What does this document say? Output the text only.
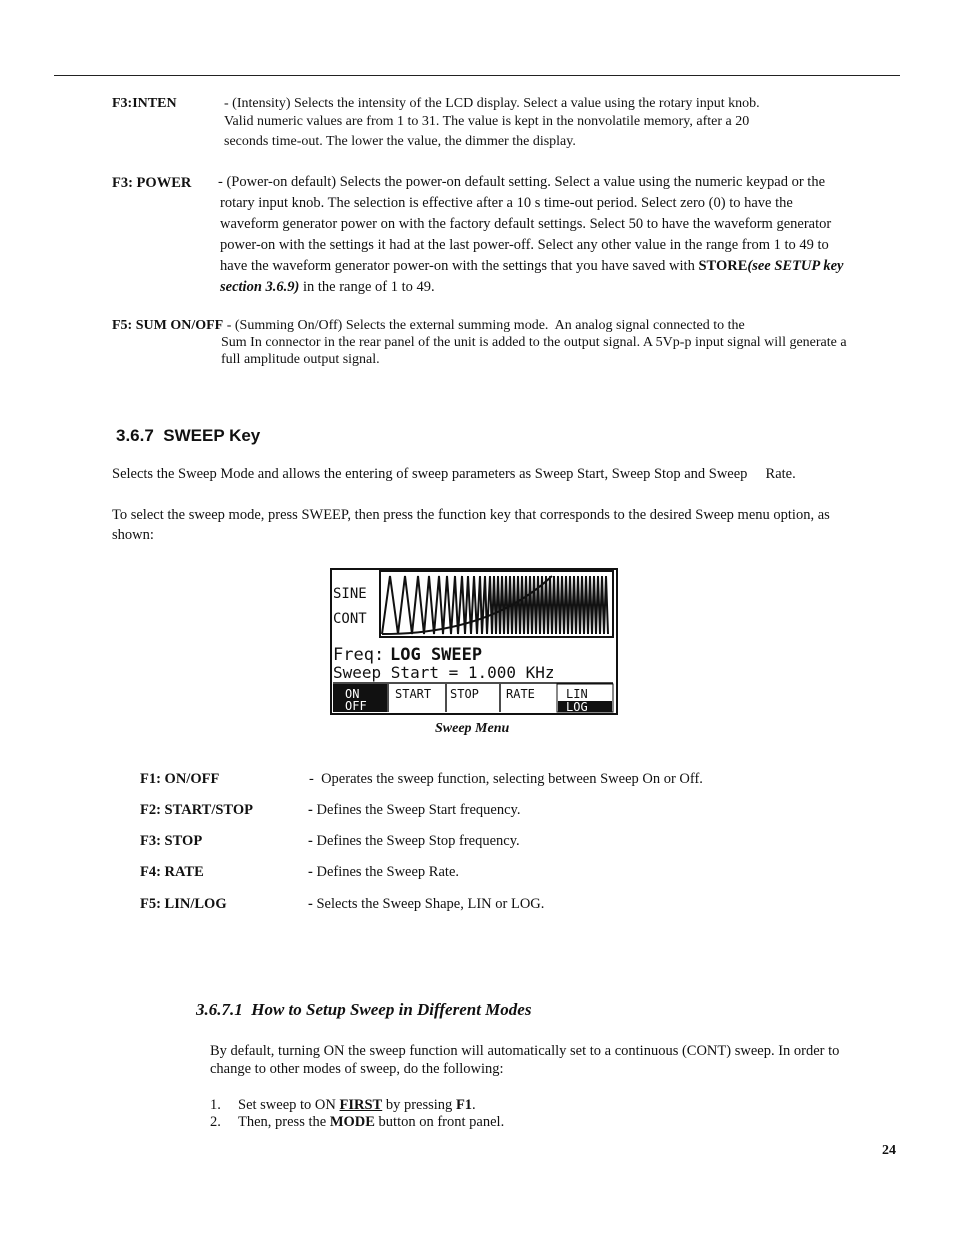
F3:INTEN	- (Intensity) Selects the intensity of the LCD display. Select a value using the rotary input knob.
Valid numeric values are from 1 to 31. The value is kept in the nonvolatile memory, after a 20
seconds time-out. The lower the value, the dimmer the display.
F3: POWER - (Power-on default) Selects the power-on default setting. Select a value using the numeric keypad or the
rotary input knob. The selection is effective after a 10 s time-out period. Select zero (0) to have the
waveform generator power on with the factory default settings. Select 50 to have the waveform generator
power-on with the settings it had at the last power-off. Select any other value in the range from 1 to 49 to
have the waveform generator power-on with the settings that you have saved with STORE(see SETUP key
section 3.6.9) in the range of 1 to 49.
F5: SUM ON/OFF - (Summing On/Off) Selects the external summing mode.  An analog signal connected to the
Sum In connector in the rear panel of the unit is added to the output signal. A 5Vp-p input signal will generate a
full amplitude output signal.
3.6.7  SWEEP Key
Selects the Sweep Mode and allows the entering of sweep parameters as Sweep Start, Sweep Stop and Sweep     Rate.
To select the sweep mode, press SWEEP, then press the function key that corresponds to the desired Sweep menu option, as
shown:
SINE
CONT
Freq: LOG SWEEP
Sweep Start = 1.000 KHz
ON
OFF
START STOP RATE	LIN
LOG
Sweep Menu
F1: ON/OFF	-  Operates the sweep function, selecting between Sweep On or Off.
F2: START/STOP	- Defines the Sweep Start frequency.
F3: STOP	- Defines the Sweep Stop frequency.
F4: RATE	- Defines the Sweep Rate.
F5: LIN/LOG	- Selects the Sweep Shape, LIN or LOG.
3.6.7.1  How to Setup Sweep in Different Modes
By default, turning ON the sweep function will automatically set to a continuous (CONT) sweep. In order to
change to other modes of sweep, do the following:
1. Set sweep to ON FIRST by pressing F1.
2. Then, press the MODE button on front panel.
24
